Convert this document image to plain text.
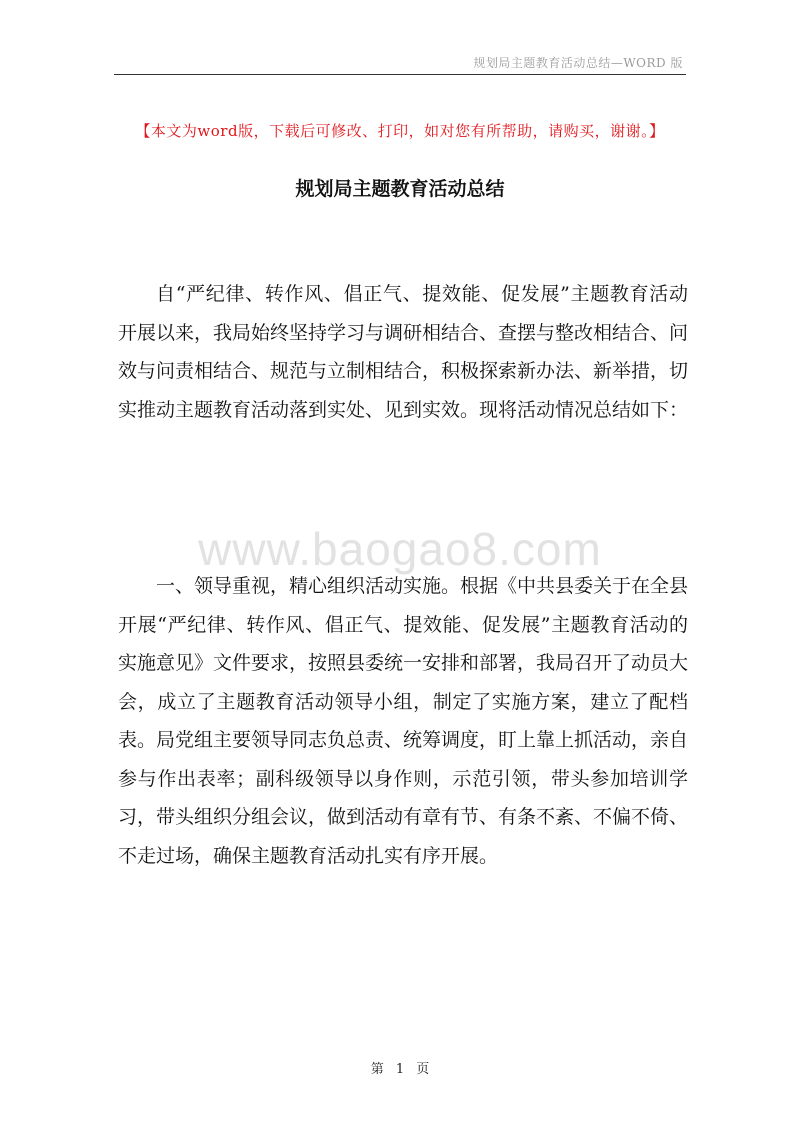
规划局主题教育活动总结—WORD 版
【本文为word版，下载后可修改、打印，如对您有所帮助，请购买，谢谢。】
规划局主题教育活动总结

自“严纪律、转作风、倡正气、提效能、促发展”主题教育活动开展以来，我局始终坚持学习与调研相结合、查摆与整改相结合、问效与问责相结合、规范与立制相结合，积极探索新办法、新举措，切实推动主题教育活动落到实处、见到实效。现将活动情况总结如下：

www.baogao8.com

一、领导重视，精心组织活动实施。根据《中共县委关于在全县开展“严纪律、转作风、倡正气、提效能、促发展”主题教育活动的实施意见》文件要求，按照县委统一安排和部署，我局召开了动员大会，成立了主题教育活动领导小组，制定了实施方案，建立了配档表。局党组主要领导同志负总责、统筹调度，盯上靠上抓活动，亲自参与作出表率；副科级领导以身作则，示范引领，带头参加培训学习，带头组织分组会议，做到活动有章有节、有条不紊、不偏不倚、不走过场，确保主题教育活动扎实有序开展。

第 1 页
